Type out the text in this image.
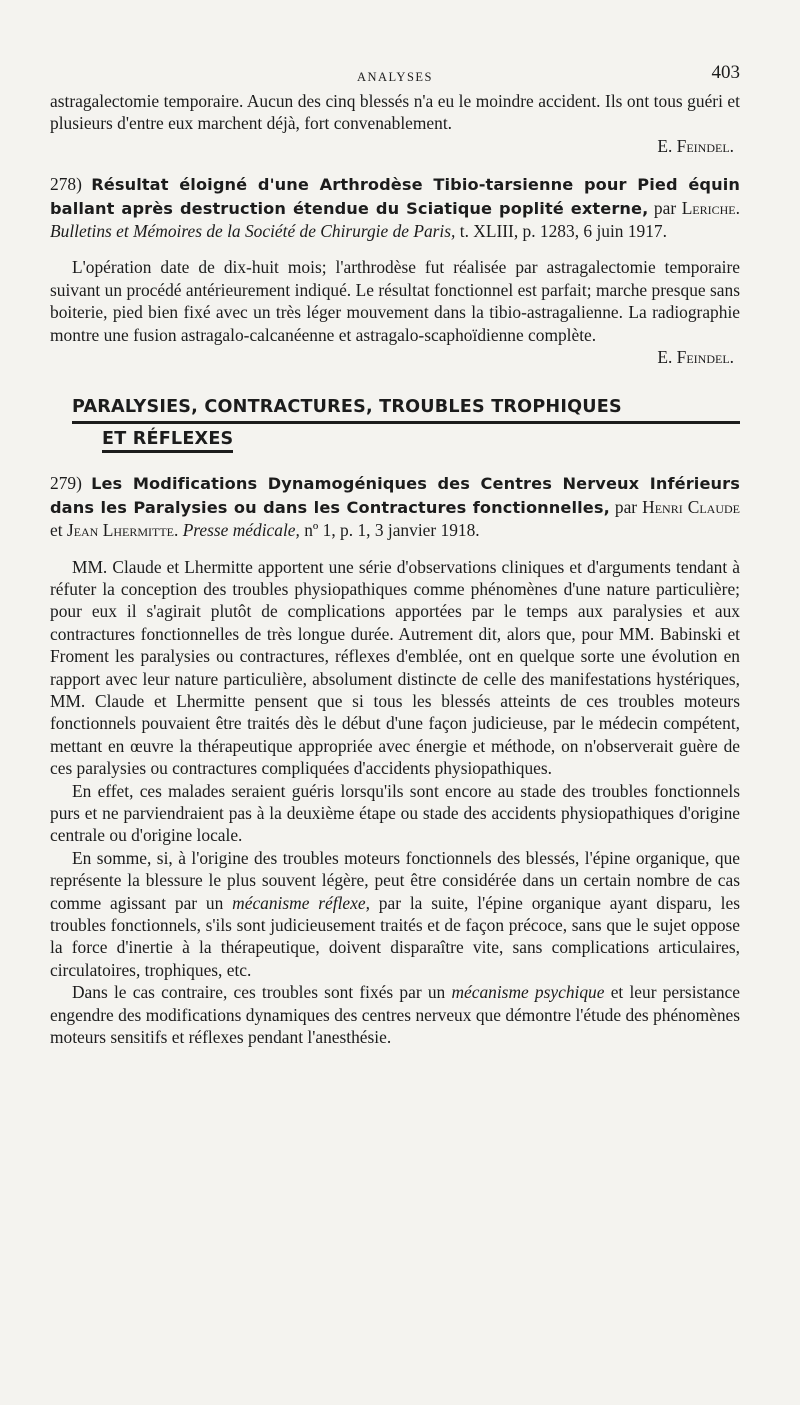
ANALYSES	403

astragalectomie temporaire. Aucun des cinq blessés n'a eu le moindre accident. Ils ont tous guéri et plusieurs d'entre eux marchent déjà, fort convenablement.

E. Feindel.

278) Résultat éloigné d'une Arthrodèse Tibio-tarsienne pour Pied équin ballant après destruction étendue du Sciatique poplité externe, par Leriche. Bulletins et Mémoires de la Société de Chirurgie de Paris, t. XLIII, p. 1283, 6 juin 1917.

L'opération date de dix-huit mois; l'arthrodèse fut réalisée par astragalectomie temporaire suivant un procédé antérieurement indiqué. Le résultat fonctionnel est parfait; marche presque sans boiterie, pied bien fixé avec un très léger mouvement dans la tibio-astragalienne. La radiographie montre une fusion astragalo-calcanéenne et astragalo-scaphoïdienne complète.

E. Feindel.

PARALYSIES, CONTRACTURES, TROUBLES TROPHIQUES
ET RÉFLEXES

279) Les Modifications Dynamogéniques des Centres Nerveux Inférieurs dans les Paralysies ou dans les Contractures fonctionnelles, par Henri Claude et Jean Lhermitte. Presse médicale, nº 1, p. 1, 3 janvier 1918.

MM. Claude et Lhermitte apportent une série d'observations cliniques et d'arguments tendant à réfuter la conception des troubles physiopathiques comme phénomènes d'une nature particulière; pour eux il s'agirait plutôt de complications apportées par le temps aux paralysies et aux contractures fonctionnelles de très longue durée. Autrement dit, alors que, pour MM. Babinski et Froment les paralysies ou contractures, réflexes d'emblée, ont en quelque sorte une évolution en rapport avec leur nature particulière, absolument distincte de celle des manifestations hystériques, MM. Claude et Lhermitte pensent que si tous les blessés atteints de ces troubles moteurs fonctionnels pouvaient être traités dès le début d'une façon judicieuse, par le médecin compétent, mettant en œuvre la thérapeutique appropriée avec énergie et méthode, on n'observerait guère de ces paralysies ou contractures compliquées d'accidents physiopathiques.

En effet, ces malades seraient guéris lorsqu'ils sont encore au stade des troubles fonctionnels purs et ne parviendraient pas à la deuxième étape ou stade des accidents physiopathiques d'origine centrale ou d'origine locale.

En somme, si, à l'origine des troubles moteurs fonctionnels des blessés, l'épine organique, que représente la blessure le plus souvent légère, peut être considérée dans un certain nombre de cas comme agissant par un mécanisme réflexe, par la suite, l'épine organique ayant disparu, les troubles fonctionnels, s'ils sont judicieusement traités et de façon précoce, sans que le sujet oppose la force d'inertie à la thérapeutique, doivent disparaître vite, sans complications articulaires, circulatoires, trophiques, etc.

Dans le cas contraire, ces troubles sont fixés par un mécanisme psychique et leur persistance engendre des modifications dynamiques des centres nerveux que démontre l'étude des phénomènes moteurs sensitifs et réflexes pendant l'anesthésie.
